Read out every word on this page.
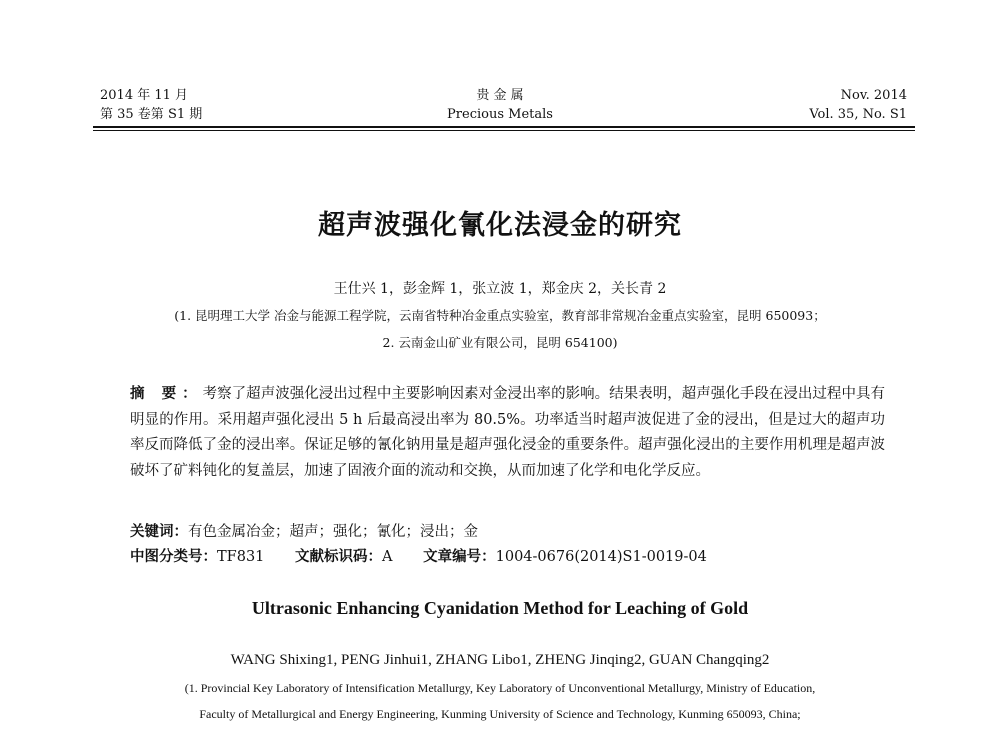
2014 年 11 月
第 35 卷第 S1 期
贵 金 属
Precious Metals
Nov. 2014
Vol. 35, No. S1
超声波强化氰化法浸金的研究
王仕兴 1，彭金辉 1，张立波 1，郑金庆 2，关长青 2
(1. 昆明理工大学 冶金与能源工程学院，云南省特种冶金重点实验室，教育部非常规冶金重点实验室，昆明 650093；
2. 云南金山矿业有限公司，昆明 654100)
摘 要：考察了超声波强化浸出过程中主要影响因素对金浸出率的影响。结果表明，超声强化手段在浸出过程中具有明显的作用。采用超声强化浸出 5 h 后最高浸出率为 80.5%。功率适当时超声波促进了金的浸出，但是过大的超声功率反而降低了金的浸出率。保证足够的氰化钠用量是超声强化浸金的重要条件。超声强化浸出的主要作用机理是超声波破坏了矿料钝化的复盖层，加速了固液介面的流动和交换，从而加速了化学和电化学反应。
关键词：有色金属冶金；超声；强化；氰化；浸出；金
中图分类号：TF831 文献标识码：A 文章编号：1004-0676(2014)S1-0019-04
Ultrasonic Enhancing Cyanidation Method for Leaching of Gold
WANG Shixing1, PENG Jinhui1, ZHANG Libo1, ZHENG Jinqing2, GUAN Changqing2
(1. Provincial Key Laboratory of Intensification Metallurgy, Key Laboratory of Unconventional Metallurgy, Ministry of Education,
Faculty of Metallurgical and Energy Engineering, Kunming University of Science and Technology, Kunming 650093, China;
